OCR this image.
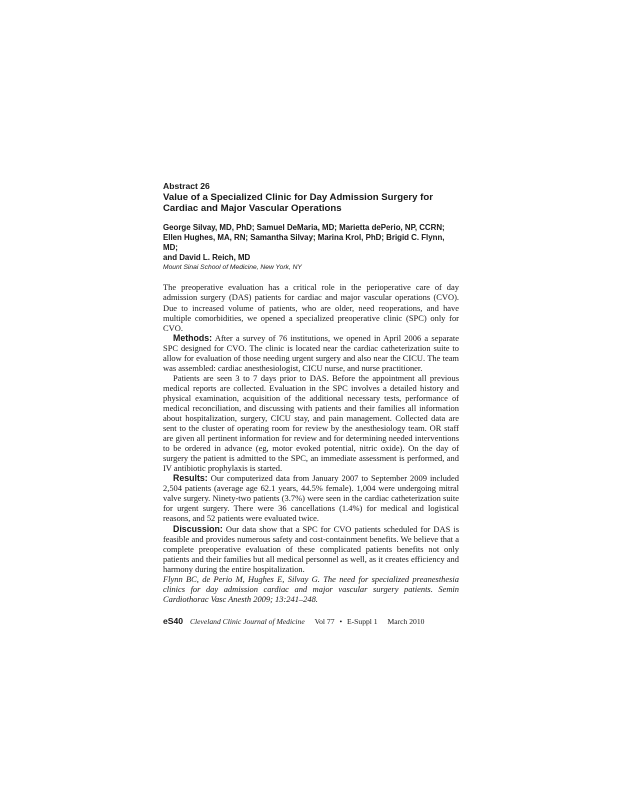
Abstract 26
Value of a Specialized Clinic for Day Admission Surgery for Cardiac and Major Vascular Operations
George Silvay, MD, PhD; Samuel DeMaria, MD; Marietta dePerio, NP, CCRN;
Ellen Hughes, MA, RN; Samantha Silvay; Marina Krol, PhD; Brigid C. Flynn, MD;
and David L. Reich, MD
Mount Sinai School of Medicine, New York, NY

The preoperative evaluation has a critical role in the perioperative care of day admission surgery (DAS) patients for cardiac and major vascular operations (CVO). Due to increased volume of patients, who are older, need reoperations, and have multiple comorbidities, we opened a specialized preoperative clinic (SPC) only for CVO.

Methods: After a survey of 76 institutions, we opened in April 2006 a separate SPC designed for CVO. The clinic is located near the cardiac catheterization suite to allow for evaluation of those needing urgent surgery and also near the CICU. The team was assembled: cardiac anesthesiologist, CICU nurse, and nurse practitioner.

Patients are seen 3 to 7 days prior to DAS. Before the appointment all previous medical reports are collected. Evaluation in the SPC involves a detailed history and physical examination, acquisition of the additional necessary tests, performance of medical reconciliation, and discussing with patients and their families all information about hospitalization, surgery, CICU stay, and pain management. Collected data are sent to the cluster of operating room for review by the anesthesiology team. OR staff are given all pertinent information for review and for determining needed interventions to be ordered in advance (eg, motor evoked potential, nitric oxide). On the day of surgery the patient is admitted to the SPC, an immediate assessment is performed, and IV antibiotic prophylaxis is started.

Results: Our computerized data from January 2007 to September 2009 included 2,504 patients (average age 62.1 years, 44.5% female). 1,004 were undergoing mitral valve surgery. Ninety-two patients (3.7%) were seen in the cardiac catheterization suite for urgent surgery. There were 36 cancellations (1.4%) for medical and logistical reasons, and 52 patients were evaluated twice.

Discussion: Our data show that a SPC for CVO patients scheduled for DAS is feasible and provides numerous safety and cost-containment benefits. We believe that a complete preoperative evaluation of these complicated patients benefits not only patients and their families but all medical personnel as well, as it creates efficiency and harmony during the entire hospitalization.

Flynn BC, de Perio M, Hughes E, Silvay G. The need for specialized preanesthesia clinics for day admission cardiac and major vascular surgery patients. Semin Cardiothorac Vasc Anesth 2009; 13:241–248.

eS40 Cleveland Clinic Journal of Medicine Vol 77 • E-Suppl 1 March 2010
